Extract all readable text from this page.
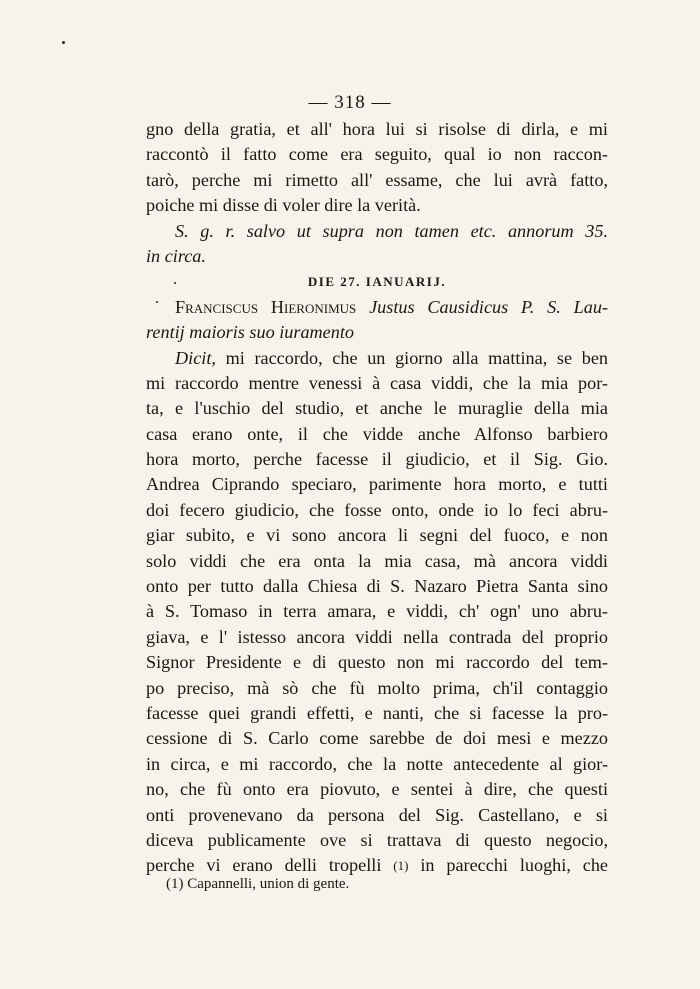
— 318 —
gno della gratia, et all' hora lui si risolse di dirla, e mi
raccontò il fatto come era seguito, qual io non raccon-
tarò, perche mi rimetto all' essame, che lui avrà fatto,
poiche mi disse di voler dire la verità.
S. g. r. salvo ut supra non tamen etc. annorum 35.
in circa.
DIE 27. IANUARIJ.
Franciscus Hieronimus Justus Causidicus P. S. Lau-
rentij maioris suo iuramento
Dicit, mi raccordo, che un giorno alla mattina, se ben
mi raccordo mentre venessi à casa viddi, che la mia por-
ta, e l'uschio del studio, et anche le muraglie della mia
casa erano onte, il che vidde anche Alfonso barbiero
hora morto, perche facesse il giudicio, et il Sig. Gio.
Andrea Ciprando speciaro, parimente hora morto, e tutti
doi fecero giudicio, che fosse onto, onde io lo feci abru-
giar subito, e vi sono ancora li segni del fuoco, e non
solo viddi che era onta la mia casa, mà ancora viddi
onto per tutto dalla Chiesa di S. Nazaro Pietra Santa sino
à S. Tomaso in terra amara, e viddi, ch' ogn' uno abru-
giava, e l' istesso ancora viddi nella contrada del proprio
Signor Presidente e di questo non mi raccordo del tem-
po preciso, mà sò che fù molto prima, ch'il contaggio
facesse quei grandi effetti, e nanti, che si facesse la pro-
cessione di S. Carlo come sarebbe de doi mesi e mezzo
in circa, e mi raccordo, che la notte antecedente al gior-
no, che fù onto era piovuto, e sentei à dire, che questi
onti provenevano da persona del Sig. Castellano, e si
diceva publicamente ove si trattava di questo negocio,
perche vi erano delli tropelli (1) in parecchi luoghi, che
(1) Capannelli, union di gente.
